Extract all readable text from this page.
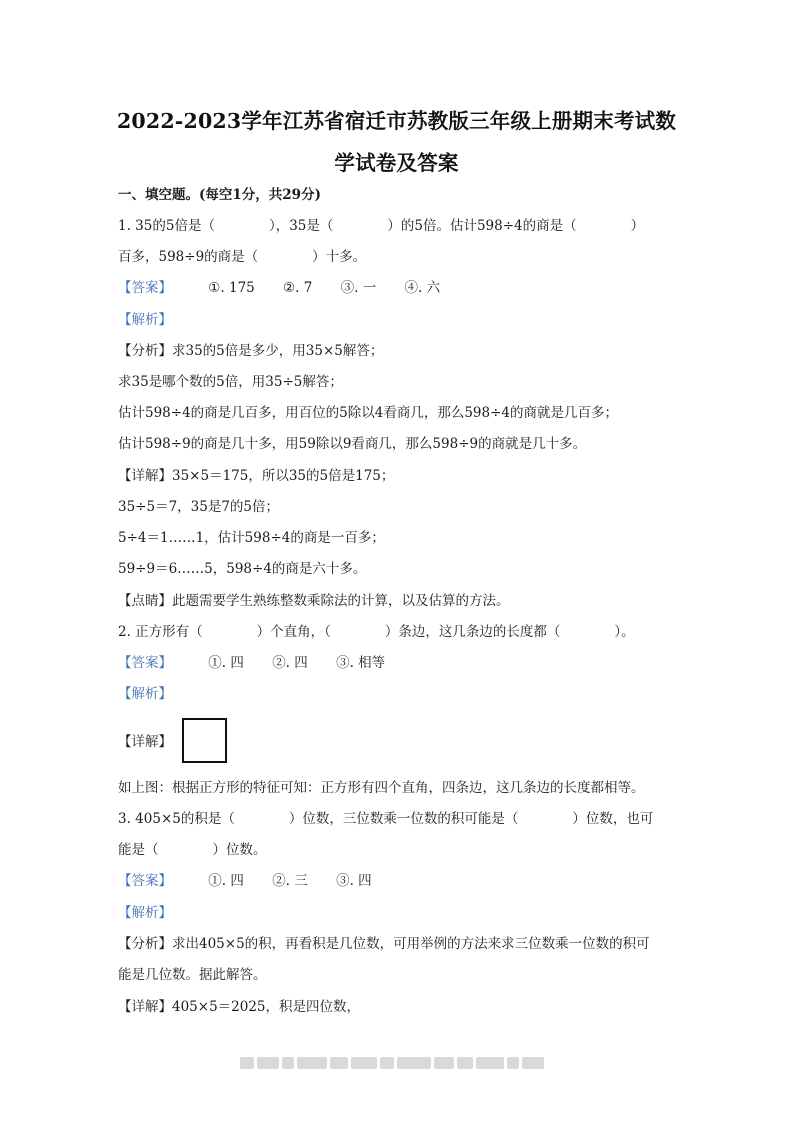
2022-2023学年江苏省宿迁市苏教版三年级上册期末考试数
学试卷及答案
一、填空题。(每空1分，共29分)
1. 35的5倍是（　　　　），35是（　　　　）的5倍。估计598÷4的商是（　　　　）
百多，598÷9的商是（　　　　）十多。
【答案】	①. 175 ②. 7 ③. 一 ④. 六
【解析】
【分析】求35的5倍是多少，用35×5解答；
求35是哪个数的5倍，用35÷5解答；
估计598÷4的商是几百多，用百位的5除以4看商几，那么598÷4的商就是几百多；
估计598÷9的商是几十多，用59除以9看商几，那么598÷9的商就是几十多。
【详解】35×5＝175，所以35的5倍是175；
35÷5＝7，35是7的5倍；
5÷4＝1……1，估计598÷4的商是一百多；
59÷9＝6……5，598÷4的商是六十多。
【点睛】此题需要学生熟练整数乘除法的计算，以及估算的方法。
2. 正方形有（　　　　）个直角，（　　　　）条边，这几条边的长度都（　　　　）。
【答案】	①. 四 ②. 四 ③. 相等
【解析】
【详解】
如上图：根据正方形的特征可知：正方形有四个直角，四条边，这几条边的长度都相等。
3. 405×5的积是（　　　　）位数，三位数乘一位数的积可能是（　　　　）位数，也可
能是（　　　　）位数。
【答案】	①. 四 ②. 三 ③. 四
【解析】
【分析】求出405×5的积，再看积是几位数，可用举例的方法来求三位数乘一位数的积可
能是几位数。据此解答。
【详解】405×5＝2025，积是四位数，
